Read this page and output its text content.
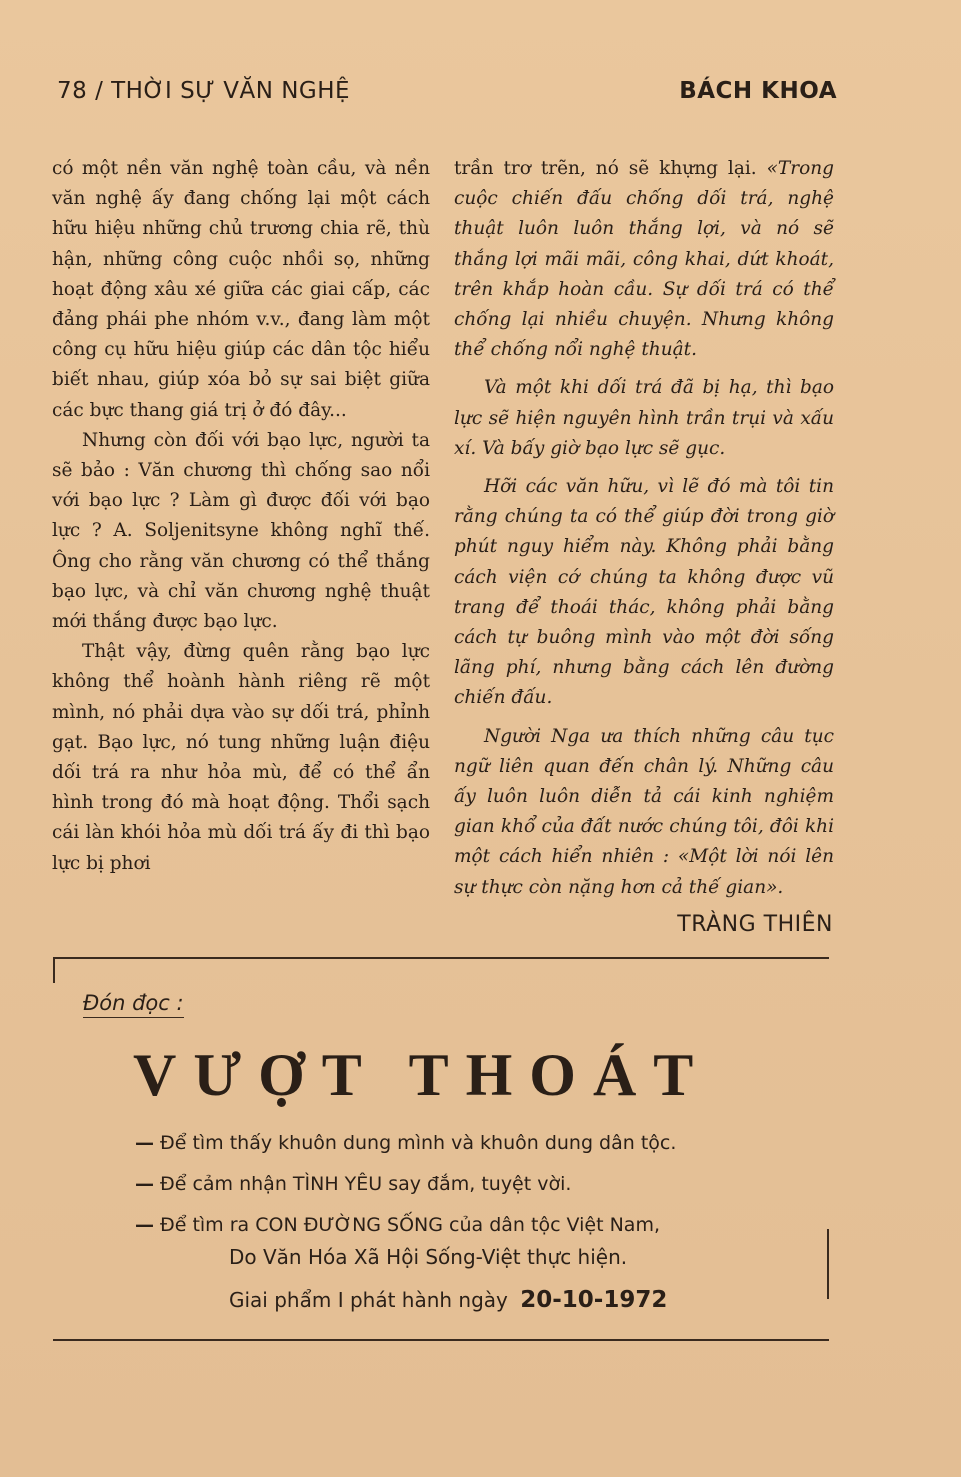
78 / THỜI SỰ VĂN NGHỆ	BÁCH KHOA

có một nền văn nghệ toàn cầu, và nền văn nghệ ấy đang chống lại một cách hữu hiệu những chủ trương chia rẽ, thù hận, những công cuộc nhồi sọ, những hoạt động xâu xé giữa các giai cấp, các đảng phái phe nhóm v.v., đang làm một công cụ hữu hiệu giúp các dân tộc hiểu biết nhau, giúp xóa bỏ sự sai biệt giữa các bực thang giá trị ở đó đây...

Nhưng còn đối với bạo lực, người ta sẽ bảo : Văn chương thì chống sao nổi với bạo lực ? Làm gì được đối với bạo lực ? A. Soljenitsyne không nghĩ thế. Ông cho rằng văn chương có thể thắng bạo lực, và chỉ văn chương nghệ thuật mới thắng được bạo lực.

Thật vậy, đừng quên rằng bạo lực không thể hoành hành riêng rẽ một mình, nó phải dựa vào sự dối trá, phỉnh gạt. Bạo lực, nó tung những luận điệu dối trá ra như hỏa mù, để có thể ẩn hình trong đó mà hoạt động. Thổi sạch cái làn khói hỏa mù dối trá ấy đi thì bạo lực bị phơi

trần trơ trẽn, nó sẽ khựng lại. «Trong cuộc chiến đấu chống dối trá, nghệ thuật luôn luôn thắng lợi, và nó sẽ thắng lợi mãi mãi, công khai, dứt khoát, trên khắp hoàn cầu. Sự dối trá có thể chống lại nhiều chuyện. Nhưng không thể chống nổi nghệ thuật.

Và một khi dối trá đã bị hạ, thì bạo lực sẽ hiện nguyên hình trần trụi và xấu xí. Và bấy giờ bạo lực sẽ gục.

Hỡi các văn hữu, vì lẽ đó mà tôi tin rằng chúng ta có thể giúp đời trong giờ phút nguy hiểm này. Không phải bằng cách viện cớ chúng ta không được vũ trang để thoái thác, không phải bằng cách tự buông mình vào một đời sống lãng phí, nhưng bằng cách lên đường chiến đấu.

Người Nga ưa thích những câu tục ngữ liên quan đến chân lý. Những câu ấy luôn luôn diễn tả cái kinh nghiệm gian khổ của đất nước chúng tôi, đôi khi một cách hiển nhiên : «Một lời nói lên sự thực còn nặng hơn cả thế gian».

TRÀNG THIÊN
Đón đọc :
VƯỢT THOÁT
— Để tìm thấy khuôn dung mình và khuôn dung dân tộc.
— Để cảm nhận TÌNH YÊU say đắm, tuyệt vời.
— Để tìm ra CON ĐƯỜNG SỐNG của dân tộc Việt Nam,
Do Văn Hóa Xã Hội Sống-Việt thực hiện.
Giai phẩm I phát hành ngày 20-10-1972
